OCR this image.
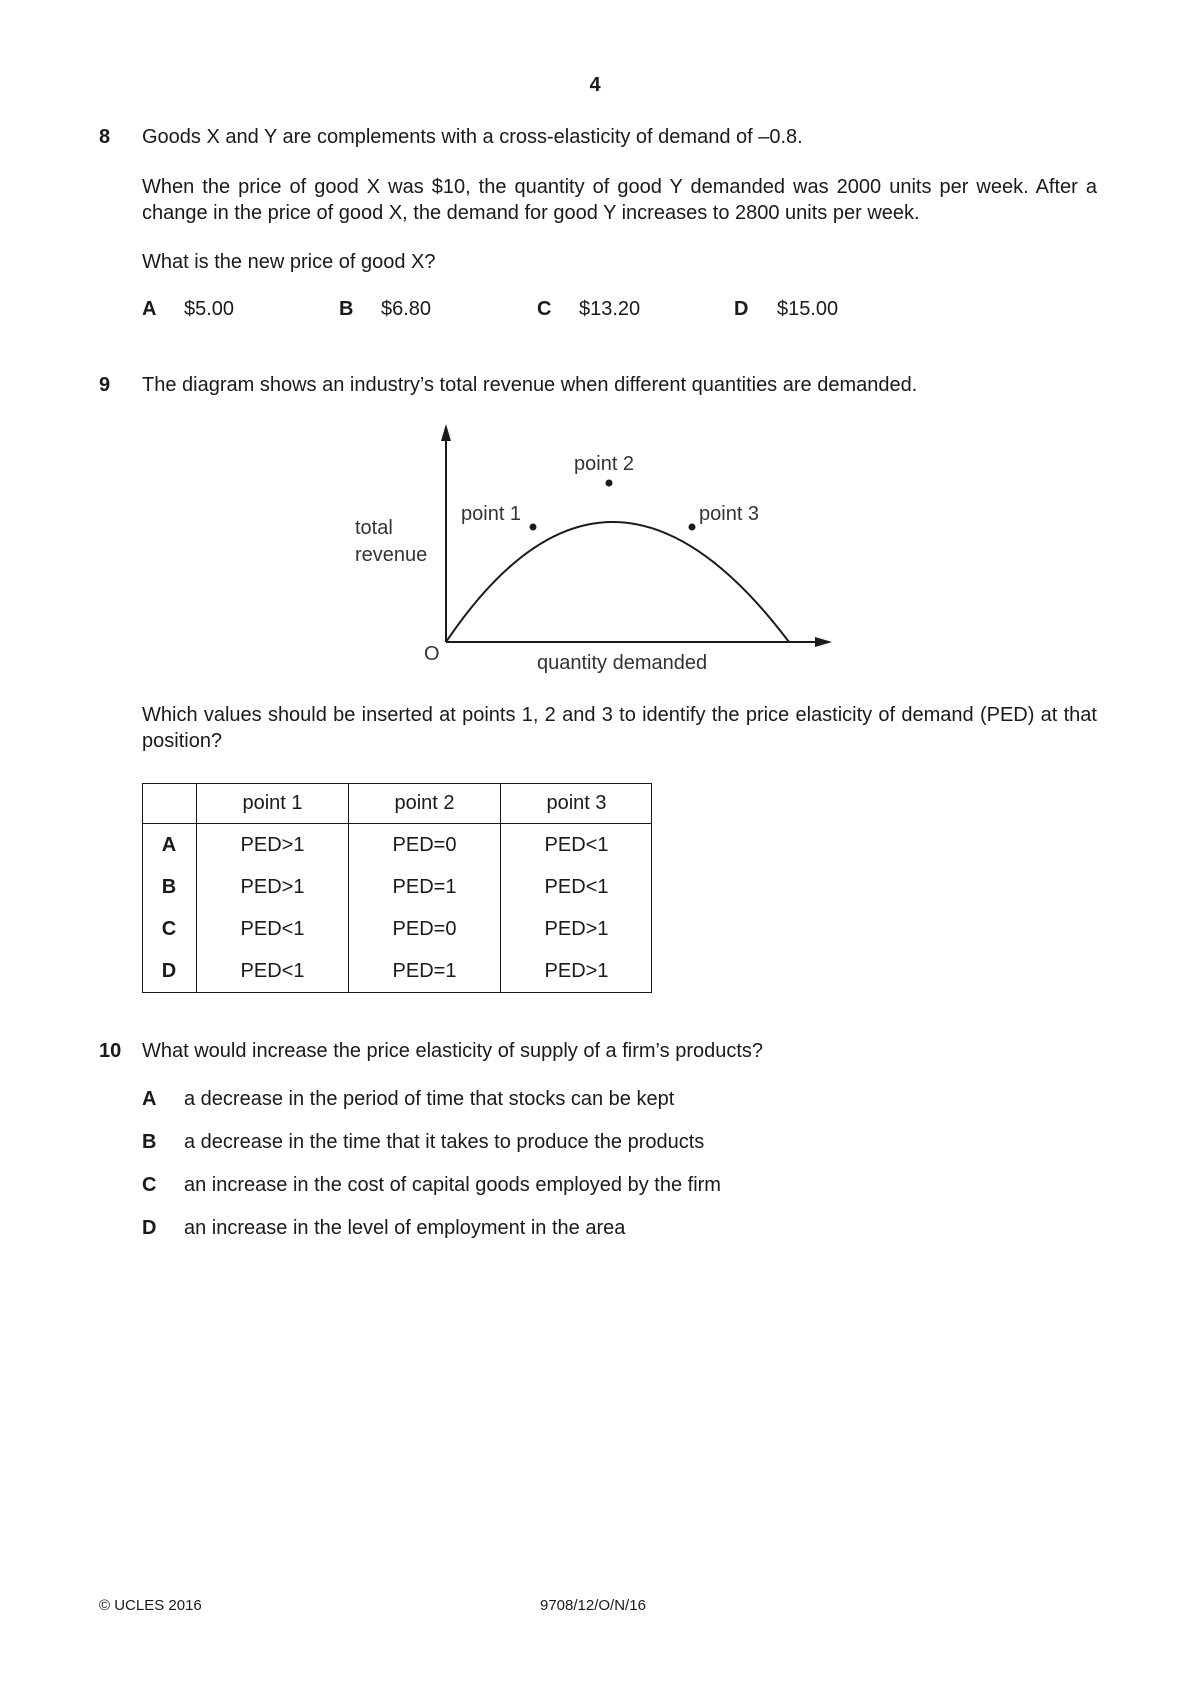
4
8 Goods X and Y are complements with a cross-elasticity of demand of –0.8.
When the price of good X was $10, the quantity of good Y demanded was 2000 units per week. After a change in the price of good X, the demand for good Y increases to 2800 units per week.
What is the new price of good X?
A $5.00	B $6.80	C $13.20	D $15.00
9 The diagram shows an industry’s total revenue when different quantities are demanded.
point 1
point 2
point 3
total
revenue
O	quantity demanded
Which values should be inserted at points 1, 2 and 3 to identify the price elasticity of demand (PED) at that position?
	point 1	point 2	point 3
A	PED>1	PED=0	PED<1
B	PED>1	PED=1	PED<1
C	PED<1	PED=0	PED>1
D	PED<1	PED=1	PED>1
10 What would increase the price elasticity of supply of a firm’s products?
A a decrease in the period of time that stocks can be kept
B a decrease in the time that it takes to produce the products
C an increase in the cost of capital goods employed by the firm
D an increase in the level of employment in the area
© UCLES 2016	9708/12/O/N/16
